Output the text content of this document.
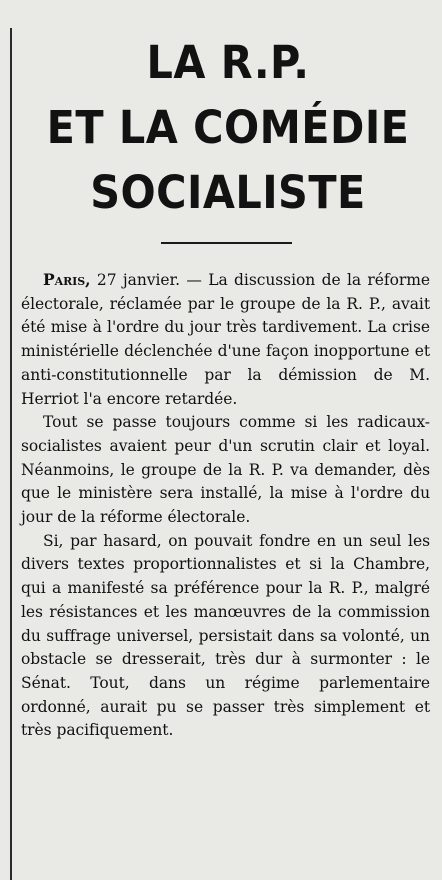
LA R.P.
ET LA COMÉDIE
SOCIALISTE

Paris, 27 janvier. — La discussion de la réforme électorale, réclamée par le groupe de la R. P., avait été mise à l'ordre du jour très tardivement. La crise ministérielle déclenchée d'une façon inopportune et anti-constitutionnelle par la démission de M. Herriot l'a encore retardée.

Tout se passe toujours comme si les radicaux-socialistes avaient peur d'un scrutin clair et loyal. Néanmoins, le groupe de la R. P. va demander, dès que le ministère sera installé, la mise à l'ordre du jour de la réforme électorale.

Si, par hasard, on pouvait fondre en un seul les divers textes proportionnalistes et si la Chambre, qui a manifesté sa préférence pour la R. P., malgré les résistances et les manœuvres de la commission du suffrage universel, persistait dans sa volonté, un obstacle se dresserait, très dur à surmonter : le Sénat. Tout, dans un régime parlementaire ordonné, aurait pu se passer très simplement et très pacifiquement.
